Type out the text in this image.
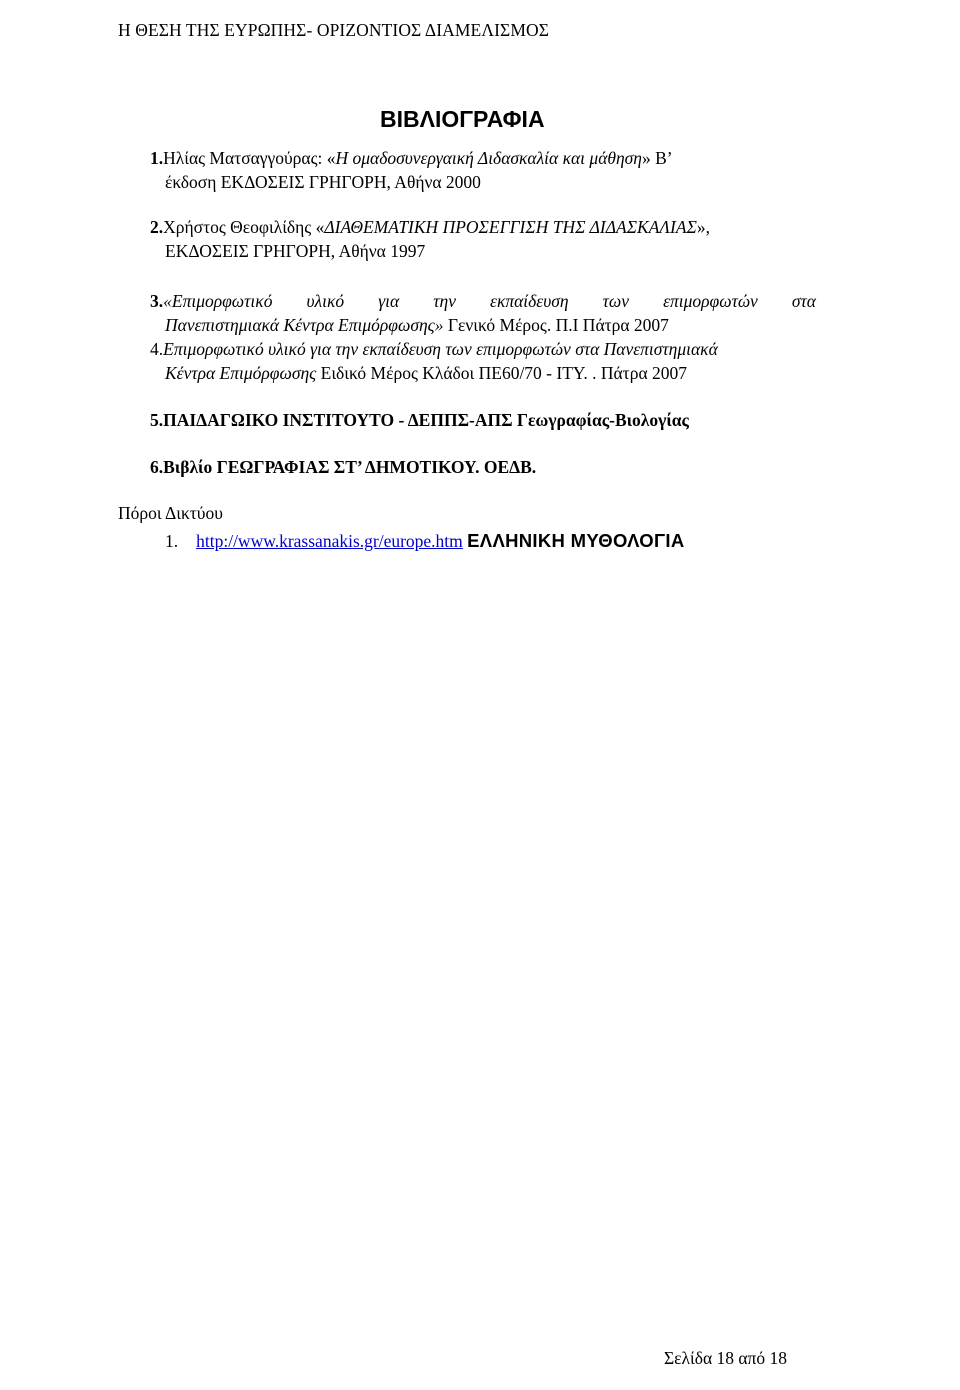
Η ΘΕΣΗ ΤΗΣ ΕΥΡΩΠΗΣ- ΟΡΙΖΟΝΤΙΟΣ ΔΙΑΜΕΛΙΣΜΟΣ
ΒΙΒΛΙΟΓΡΑΦΙΑ
1.Ηλίας Ματσαγγούρας: «Η ομαδοσυνεργαική Διδασκαλία και μάθηση» Β’
έκδοση ΕΚΔΟΣΕΙΣ ΓΡΗΓΟΡΗ, Αθήνα 2000
2.Χρήστος Θεοφιλίδης «ΔΙΑΘΕΜΑΤΙΚΗ ΠΡΟΣΕΓΓΙΣΗ ΤΗΣ ΔΙΔΑΣΚΑΛΙΑΣ»,
ΕΚΔΟΣΕΙΣ ΓΡΗΓΟΡΗ, Αθήνα 1997
3.«Επιμορφωτικό υλικό για την εκπαίδευση των επιμορφωτών στα
Πανεπιστημιακά Κέντρα Επιμόρφωσης» Γενικό Μέρος. Π.Ι Πάτρα 2007
4.Επιμορφωτικό υλικό για την εκπαίδευση των επιμορφωτών στα Πανεπιστημιακά
Κέντρα Επιμόρφωσης Ειδικό Μέρος Κλάδοι ΠΕ60/70 - ΙΤΥ. . Πάτρα 2007
5.ΠΑΙΔΑΓΩΙΚΟ ΙΝΣΤΙΤΟΥΤΟ - ΔΕΠΠΣ-ΑΠΣ Γεωγραφίας-Βιολογίας
6.Βιβλίο ΓΕΩΓΡΑΦΙΑΣ ΣΤ’ ΔΗΜΟΤΙΚΟΥ. ΟΕΔΒ.
Πόροι Δικτύου
1. http://www.krassanakis.gr/europe.htm ΕΛΛΗΝΙΚΗ ΜΥΘΟΛΟΓΙΑ
Σελίδα 18 από 18
